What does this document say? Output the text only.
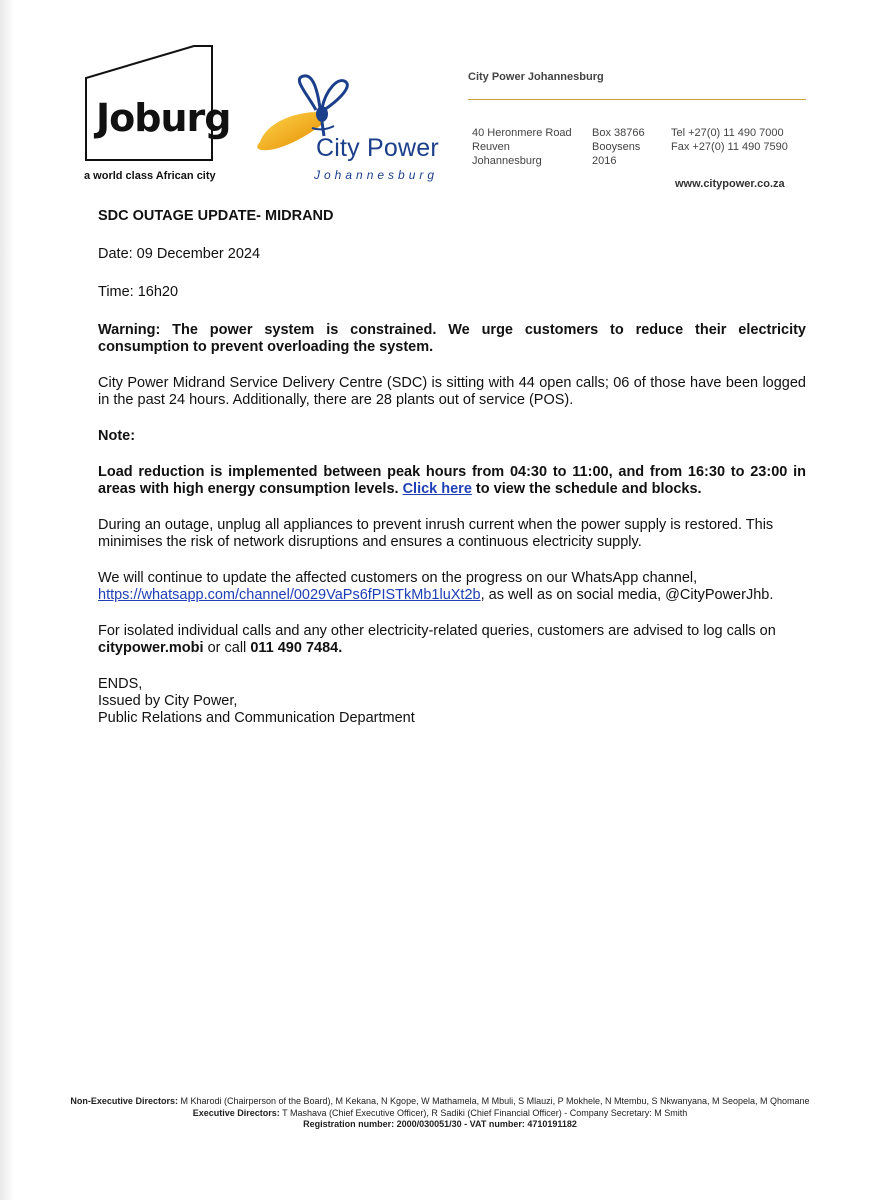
Joburg
a world class African city
City Power
Johannesburg
City Power Johannesburg
40 Heronmere Road
Reuven
Johannesburg
Box 38766
Booysens
2016
Tel +27(0) 11 490 7000
Fax +27(0) 11 490 7590
www.citypower.co.za

SDC OUTAGE UPDATE- MIDRAND

Date: 09 December 2024

Time: 16h20

Warning: The power system is constrained. We urge customers to reduce their electricity consumption to prevent overloading the system.

City Power Midrand Service Delivery Centre (SDC) is sitting with 44 open calls; 06 of those have been logged in the past 24 hours. Additionally, there are 28 plants out of service (POS).

Note:

Load reduction is implemented between peak hours from 04:30 to 11:00, and from 16:30 to 23:00 in areas with high energy consumption levels. Click here to view the schedule and blocks.

During an outage, unplug all appliances to prevent inrush current when the power supply is restored. This minimises the risk of network disruptions and ensures a continuous electricity supply.

We will continue to update the affected customers on the progress on our WhatsApp channel, https://whatsapp.com/channel/0029VaPs6fPISTkMb1luXt2b, as well as on social media, @CityPowerJhb.

For isolated individual calls and any other electricity-related queries, customers are advised to log calls on citypower.mobi or call 011 490 7484.

ENDS,

Issued by City Power,

Public Relations and Communication Department

Non-Executive Directors: M Kharodi (Chairperson of the Board), M Kekana, N Kgope, W Mathamela, M Mbuli, S Mlauzi, P Mokhele, N Mtembu, S Nkwanyana, M Seopela, M Qhomane
Executive Directors: T Mashava (Chief Executive Officer), R Sadiki (Chief Financial Officer) - Company Secretary: M Smith
Registration number: 2000/030051/30 - VAT number: 4710191182
